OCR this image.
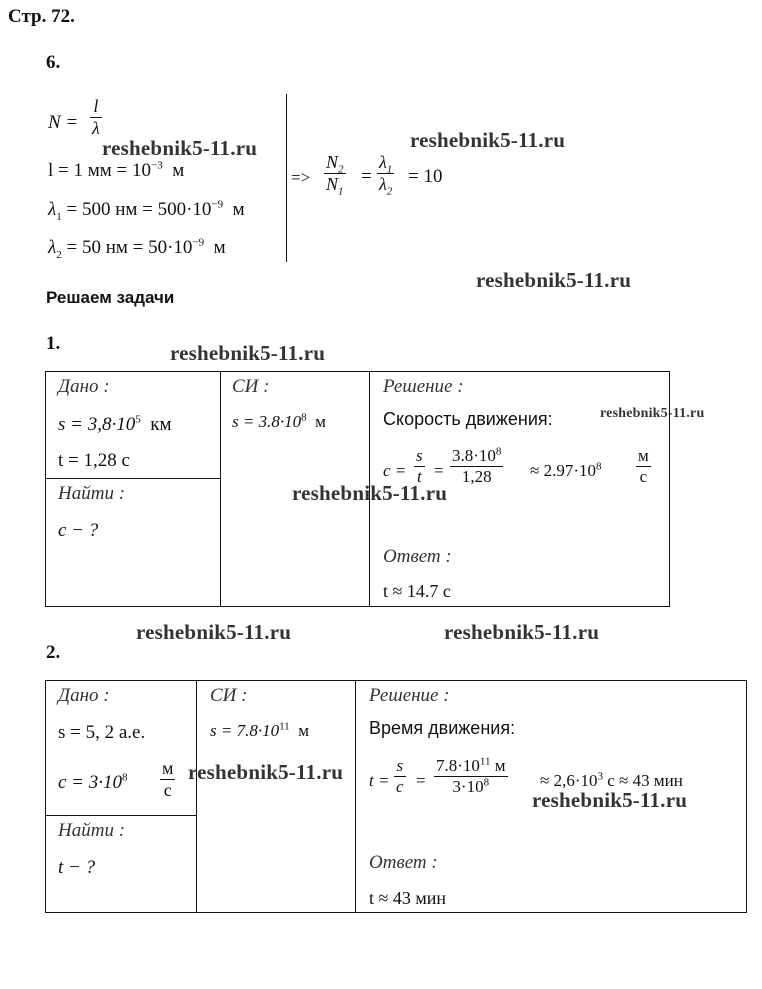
Стр. 72.
6.
$N = \frac{l}{\lambda}$
l = 1 мм = $10^{-3}$ м
$\lambda_1 = 500$ нм = $500\cdot 10^{-9}$ м
$\lambda_2 = 50$ нм = $50\cdot 10^{-9}$ м
=> $\frac{N_2}{N_1} = \frac{\lambda_1}{\lambda_2} = 10$
Решаем задачи
1.
Дано :
$s = 3,8\cdot 10^5$ км
t = 1,28 с
Найти :
c − ?
СИ :
$s = 3.8\cdot 10^8$ м
Решение :
Скорость движения:
$c = \frac{s}{t} = \frac{3.8\cdot 10^8}{1,28} \approx 2.97\cdot 10^8$
м
с
Ответ :
t ≈ 14.7 с
2.
Дано :
s = 5, 2 а.е.
$c = 3\cdot 10^8$ м
с
Найти :
t − ?
СИ :
$s = 7.8\cdot 10^{11}$ м
Решение :
Время движения:
$t = \frac{s}{c}$ =
$7.8\cdot 10^{11}$ м
$3\cdot 10^8$	≈ $2,6\cdot 10^3$ с ≈ 43 мин
Ответ :
t ≈ 43 мин
reshebnik5-11.ru	reshebnik5-11.ru
reshebnik5-11.ru
reshebnik5-11.ru
reshebnik5-11.ru
reshebnik5-11.ru
reshebnik5-11.ru	reshebnik5-11.ru
reshebnik5-11.ru
reshebnik5-11.ru
